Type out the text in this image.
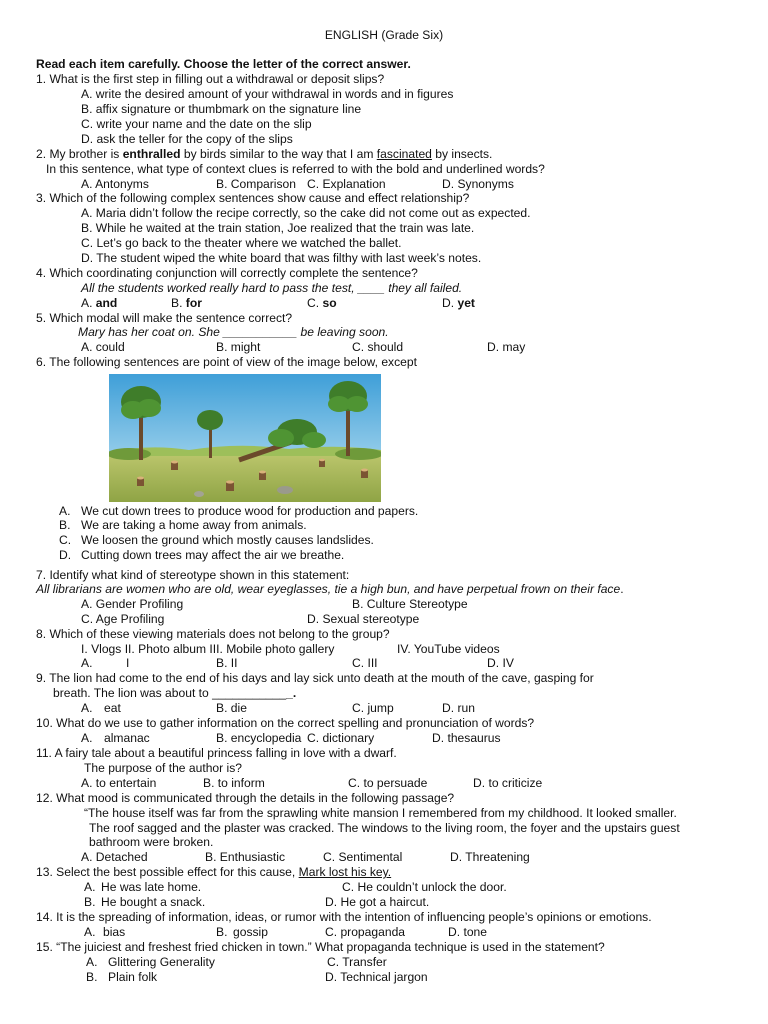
ENGLISH (Grade Six)
Read each item carefully. Choose the letter of the correct answer.
1. What is the first step in filling out a withdrawal or deposit slips?
A. write the desired amount of your withdrawal in words and in figures
B. affix signature or thumbmark on the signature line
C. write your name and the date on the slip
D. ask the teller for the copy of the slips
2. My brother is enthralled by birds similar to the way that I am fascinated by insects.
In this sentence, what type of context clues is referred to with the bold and underlined words?
A. Antonyms	B. Comparison C. Explanation	D. Synonyms
3. Which of the following complex sentences show cause and effect relationship?
A. Maria didn’t follow the recipe correctly, so the cake did not come out as expected.
B. While he waited at the train station, Joe realized that the train was late.
C. Let’s go back to the theater where we watched the ballet.
D. The student wiped the white board that was filthy with last week’s notes.
4. Which coordinating conjunction will correctly complete the sentence?
All the students worked really hard to pass the test, ____ they all failed.
A. and	B. for	C. so	D. yet
5. Which modal will make the sentence correct?
Mary has her coat on. She ___________ be leaving soon.
A. could	B. might	C. should	D. may
6. The following sentences are point of view of the image below, except
A. We cut down trees to produce wood for production and papers.
B. We are taking a home away from animals.
C. We loosen the ground which mostly causes landslides.
D. Cutting down trees may affect the air we breathe.
7. Identify what kind of stereotype shown in this statement:
All librarians are women who are old, wear eyeglasses, tie a high bun, and have perpetual frown on their face.
A. Gender Profiling	B. Culture Stereotype
C. Age Profiling	D. Sexual stereotype
8. Which of these viewing materials does not belong to the group?
I. Vlogs II. Photo album III. Mobile photo gallery	IV. YouTube videos
A.	I	B. II	C. III	D. IV
9. The lion had come to the end of his days and lay sick unto death at the mouth of the cave, gasping for
breath. The lion was about to ____________.
A. eat	B. die	C. jump	D. run
10. What do we use to gather information on the correct spelling and pronunciation of words?
A. almanac	B. encyclopedia C. dictionary	D. thesaurus
11. A fairy tale about a beautiful princess falling in love with a dwarf.
The purpose of the author is?
A. to entertain	B. to inform	C. to persuade	D. to criticize
12. What mood is communicated through the details in the following passage?
“The house itself was far from the sprawling white mansion I remembered from my childhood. It looked smaller.
The roof sagged and the plaster was cracked. The windows to the living room, the foyer and the upstairs guest
bathroom were broken.
A. Detached	B. Enthusiastic	C. Sentimental	D. Threatening
13. Select the best possible effect for this cause, Mark lost his key.
A. He was late home.	C. He couldn’t unlock the door.
B. He bought a snack.	D. He got a haircut.
14. It is the spreading of information, ideas, or rumor with the intention of influencing people’s opinions or emotions.
A. bias	B. gossip	C. propaganda	D. tone
15. “The juiciest and freshest fried chicken in town.” What propaganda technique is used in the statement?
A. Glittering Generality	C. Transfer
B. Plain folk	D. Technical jargon
